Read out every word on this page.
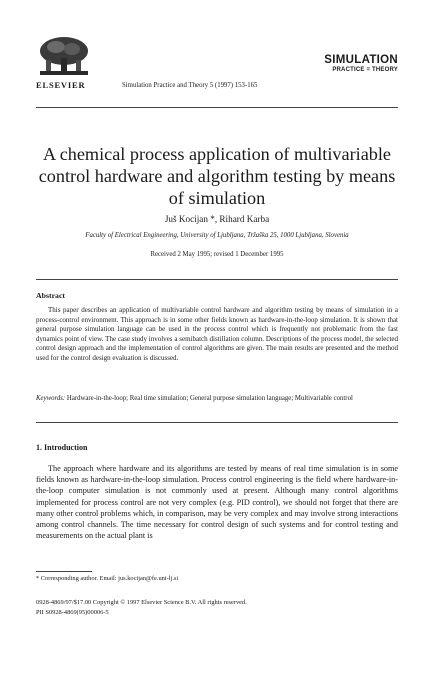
ELSEVIER	Simulation Practice and Theory 5 (1997) 153-165
SIMULATION
PRACTICE = THEORY
A chemical process application of multivariable control hardware and algorithm testing by means of simulation
Juš Kocijan *, Rihard Karba
Faculty of Electrical Engineering, University of Ljubljana, Tržaška 25, 1000 Ljubljana, Slovenia
Received 2 May 1995; revised 1 December 1995
Abstract

This paper describes an application of multivariable control hardware and algorithm testing by means of simulation in a process-control environment. This approach is in some other fields known as hardware-in-the-loop simulation. It is shown that general purpose simulation language can be used in the process control which is frequently not problematic from the fast dynamics point of view. The case study involves a semibatch distillation column. Descriptions of the process model, the selected control design approach and the implementation of control algorithms are given. The main results are presented and the method used for the control design evaluation is discussed.

Keywords: Hardware-in-the-loop; Real time simulation; General purpose simulation language; Multivariable control

1. Introduction

The approach where hardware and its algorithms are tested by means of real time simulation is in some fields known as hardware-in-the-loop simulation. Process control engineering is the field where hardware-in-the-loop computer simulation is not commonly used at present. Although many control algorithms implemented for process control are not very complex (e.g. PID control), we should not forget that there are many other control problems which, in comparison, may be very complex and may involve strong interactions among control channels. The time necessary for control design of such systems and for control testing and measurements on the actual plant is

* Corresponding author. Email: jus.kocijan@fe.uni-lj.si
0928-4869/97/$17.00 Copyright © 1997 Elsevier Science B.V. All rights reserved.
PII S0928-4869(95)00006-5
